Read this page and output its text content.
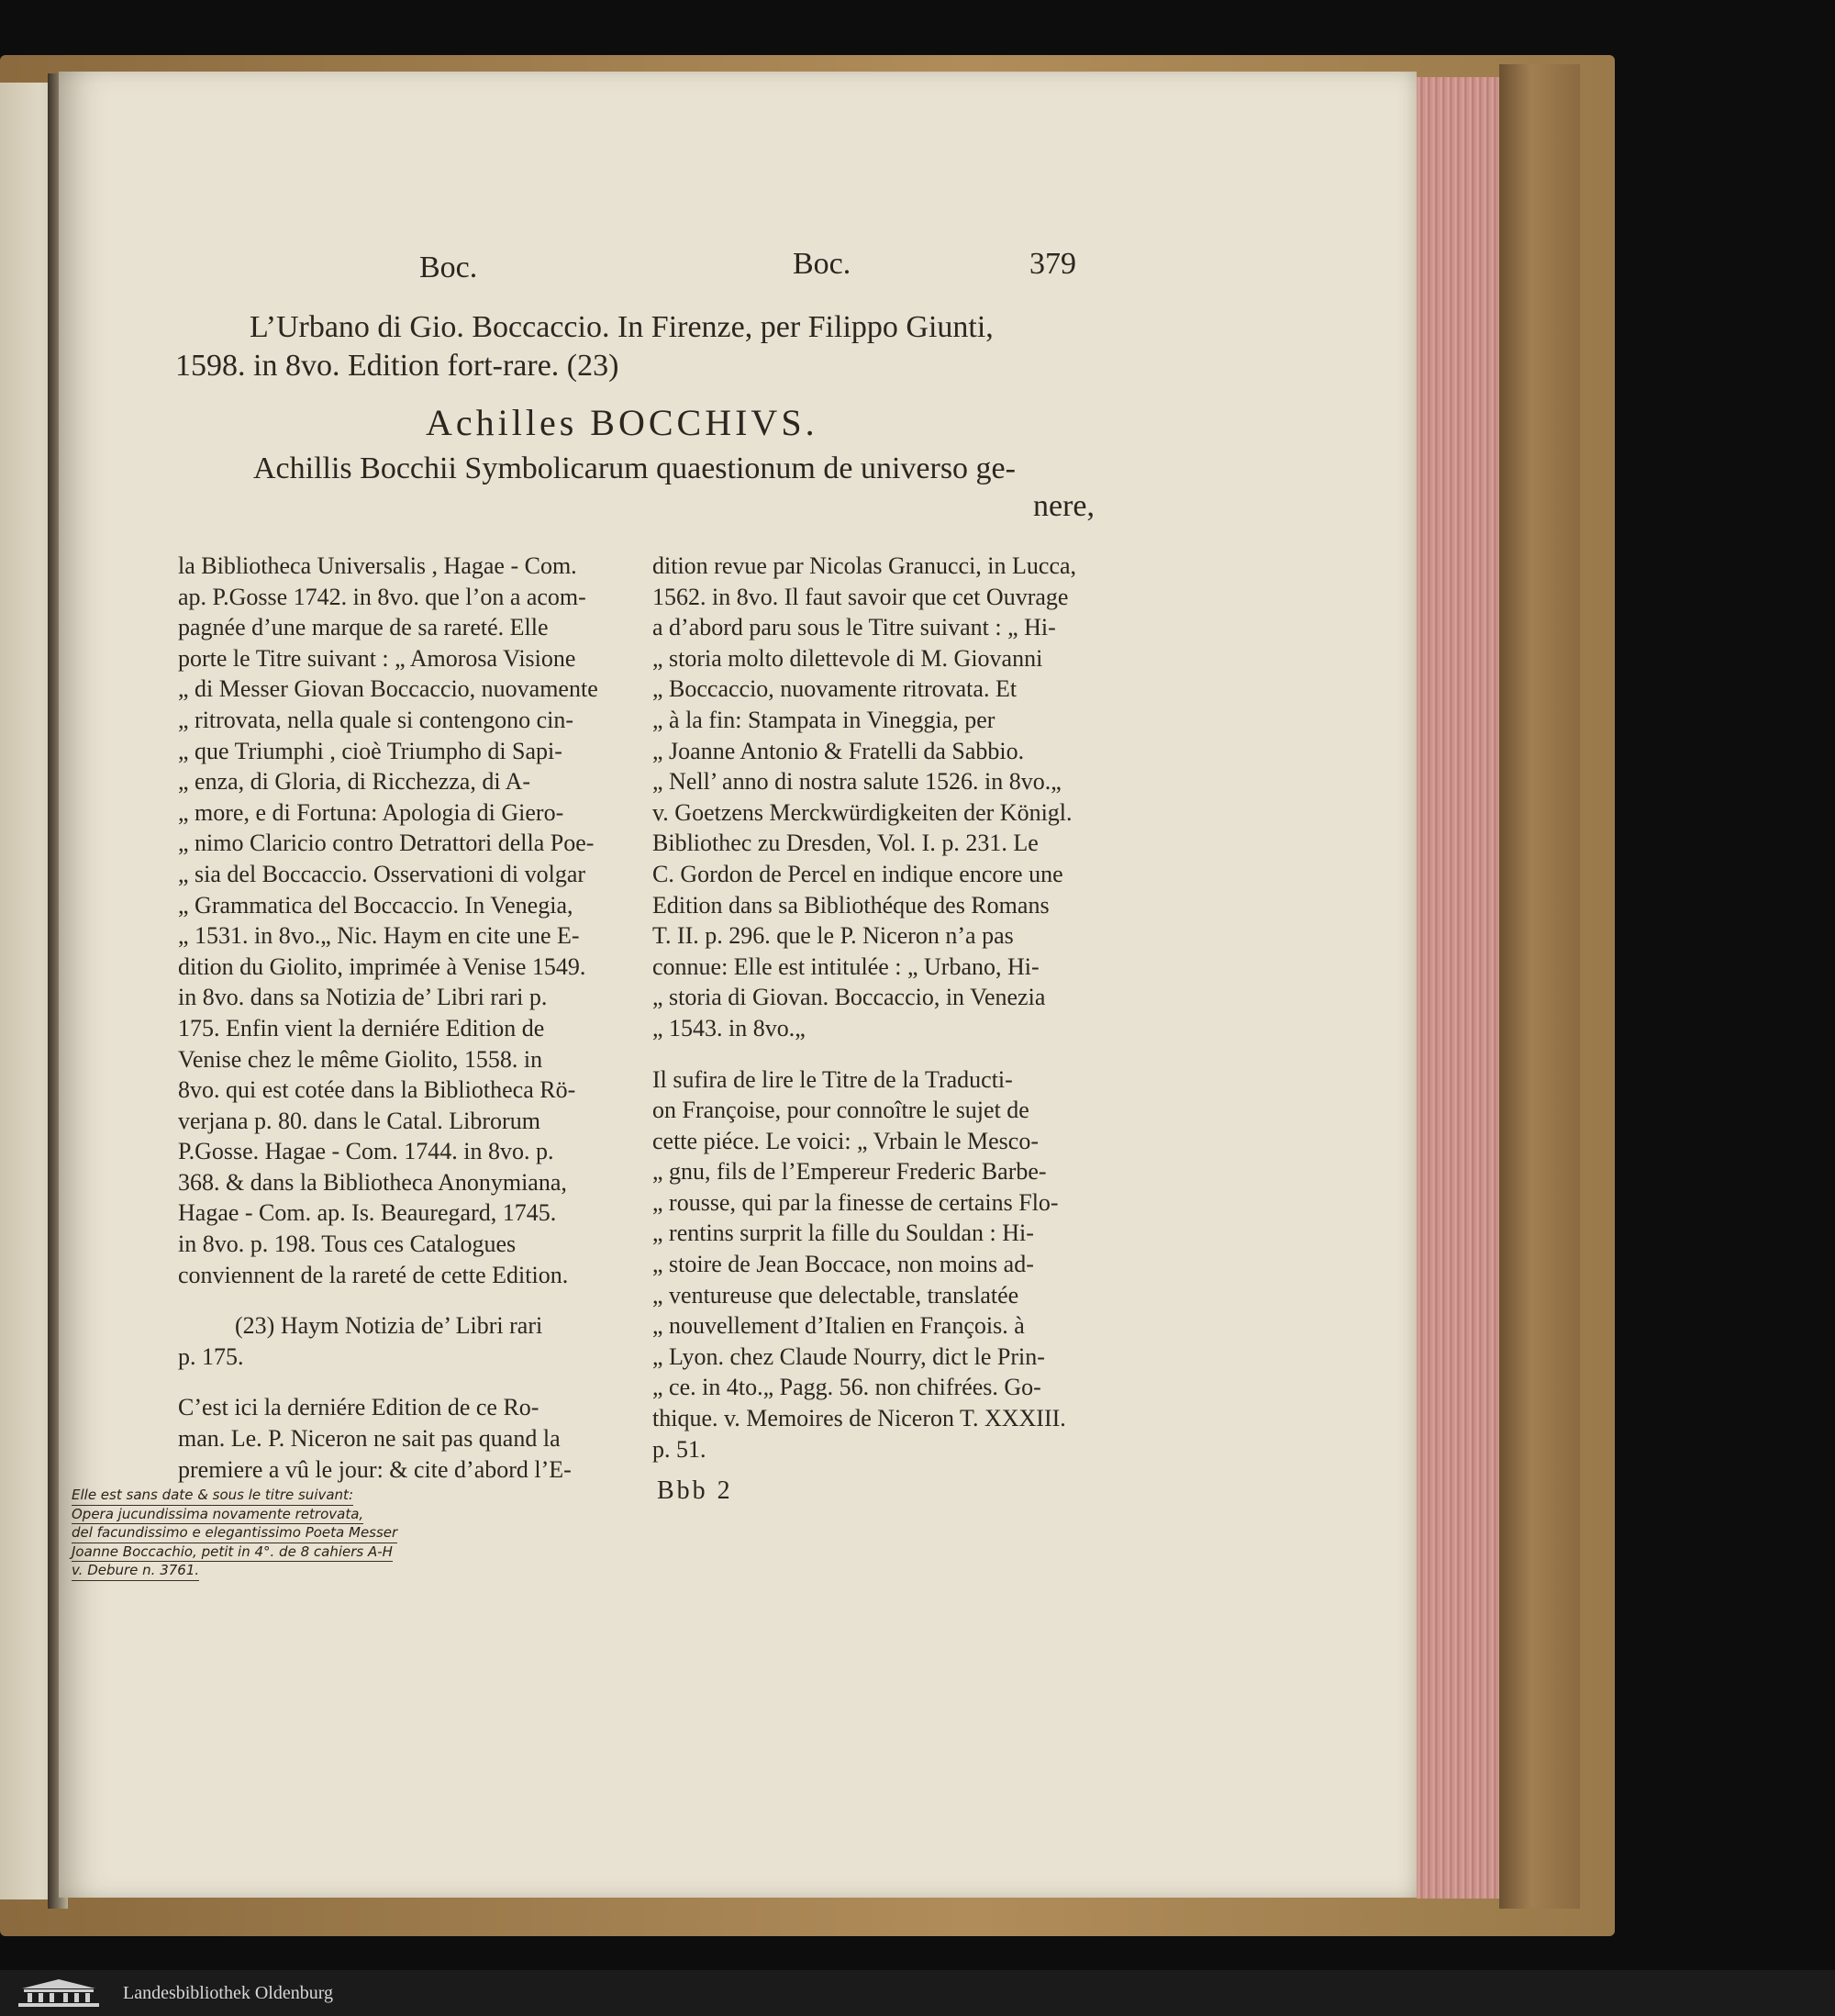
Boc.	Boc.	379
L’Urbano di Gio. Boccaccio. In Firenze, per Filippo Giunti,
1598. in 8vo. Edition fort-rare. (23)
Achilles BOCCHIVS.
Achillis Bocchii Symbolicarum quaestionum de universo ge-
nere,
la Bibliotheca Universalis , Hagae - Com.
ap. P.Gosse 1742. in 8vo. que l’on a acom-
pagnée d’une marque de sa rareté. Elle
porte le Titre suivant : „ Amorosa Visione
„ di Messer Giovan Boccaccio, nuovamente
„ ritrovata, nella quale si contengono cin-
„ que Triumphi , cioè Triumpho di Sapi-
„ enza, di Gloria, di Ricchezza, di A-
„ more, e di Fortuna: Apologia di Giero-
„ nimo Claricio contro Detrattori della Poe-
„ sia del Boccaccio. Osservationi di volgar
„ Grammatica del Boccaccio. In Venegia,
„ 1531. in 8vo.„ Nic. Haym en cite une E-
dition du Giolito, imprimée à Venise 1549.
in 8vo. dans sa Notizia de’ Libri rari p.
175. Enfin vient la derniére Edition de
Venise chez le même Giolito, 1558. in
8vo. qui est cotée dans la Bibliotheca Rö-
verjana p. 80. dans le Catal. Librorum
P.Gosse. Hagae - Com. 1744. in 8vo. p.
368. & dans la Bibliotheca Anonymiana,
Hagae - Com. ap. Is. Beauregard, 1745.
in 8vo. p. 198. Tous ces Catalogues
conviennent de la rareté de cette Edition.
(23) Haym Notizia de’ Libri rari
p. 175.
C’est ici la derniére Edition de ce Ro-
man. Le. P. Niceron ne sait pas quand la
premiere a vû le jour: & cite d’abord l’E-
dition revue par Nicolas Granucci, in Lucca,
1562. in 8vo. Il faut savoir que cet Ouvrage
a d’abord paru sous le Titre suivant : „ Hi-
„ storia molto dilettevole di M. Giovanni
„ Boccaccio, nuovamente ritrovata. Et
„ à la fin: Stampata in Vineggia, per
„ Joanne Antonio & Fratelli da Sabbio.
„ Nell’ anno di nostra salute 1526. in 8vo.„
v. Goetzens Merckwürdigkeiten der Königl.
Bibliothec zu Dresden, Vol. I. p. 231. Le
C. Gordon de Percel en indique encore une
Edition dans sa Bibliothéque des Romans
T. II. p. 296. que le P. Niceron n’a pas
connue: Elle est intitulée : „ Urbano, Hi-
„ storia di Giovan. Boccaccio, in Venezia
„ 1543. in 8vo.„
Il sufira de lire le Titre de la Traducti-
on Françoise, pour connoître le sujet de
cette piéce. Le voici: „ Vrbain le Mesco-
„ gnu, fils de l’Empereur Frederic Barbe-
„ rousse, qui par la finesse de certains Flo-
„ rentins surprit la fille du Souldan : Hi-
„ stoire de Jean Boccace, non moins ad-
„ ventureuse que delectable, translatée
„ nouvellement d’Italien en François. à
„ Lyon. chez Claude Nourry, dict le Prin-
„ ce. in 4to.„ Pagg. 56. non chifrées. Go-
thique. v. Memoires de Niceron T. XXXIII.
p. 51.
Bbb 2
Elle est sans date & sous le titre suivant:
Opera jucundissima novamente retrovata,
del facundissimo e elegantissimo Poeta Messer
Joanne Boccachio, petit in 4°. de 8 cahiers A-H
v. Debure n. 3761.
Landesbibliothek Oldenburg
